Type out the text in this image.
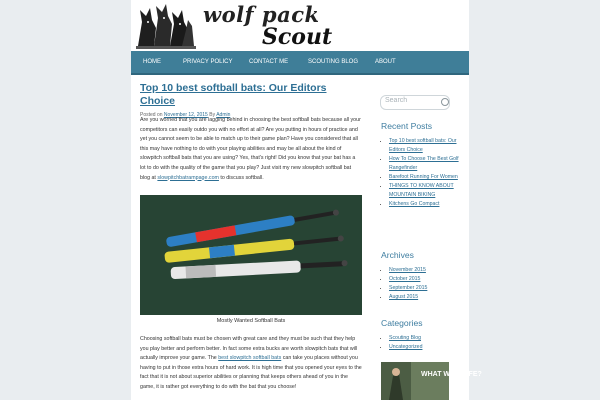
wolf pack
Scout
HOME	PRIVACY POLICY	CONTACT ME	SCOUTING BLOG	ABOUT
Top 10 best softball bats: Our Editors Choice
Posted on November 12, 2015 By Admin

Are you worried that you are lagging behind in choosing the best softball bats because all your competitors can easily outdo you with no effort at all? Are you putting in hours of practice and yet you cannot seem to be able to match up to their game plan? Have you considered that all this may have nothing to do with your playing abilities and may be all about the kind of slowpitch softball bats that you are using? Yes, that's right! Did you know that your bat has a lot to do with the quality of the game that you play? Just visit my new slowpitch softball bat blog at slowpitchbatrampage.com to discuss softball.

Mostly Wanted Softball Bats

Choosing softball bats must be chosen with great care and they must be such that they help you play better and perform better. In fact some extra bucks are worth slowpitch bats that will actually improve your game. The best slowpitch softball bats can take you places without you having to put in those extra hours of hard work. It is high time that you opened your eyes to the fact that it is not about superior abilities or planning that keeps others ahead of you in the game, it is rather got everything to do with the bat that you choose!

Search
Recent Posts
• Top 10 best softball bats: Our Editors Choice
• How To Choose The Best Golf Rangefinder
• Barefoot Running For Women
• THINGS TO KNOW ABOUT MOUNTAIN BIKING
• Kitchens Go Compact
Archives
• November 2015
• October 2015
• September 2015
• August 2015
Categories
• Scouting Blog
• Uncategorized
WHAT WILL LIFE?
